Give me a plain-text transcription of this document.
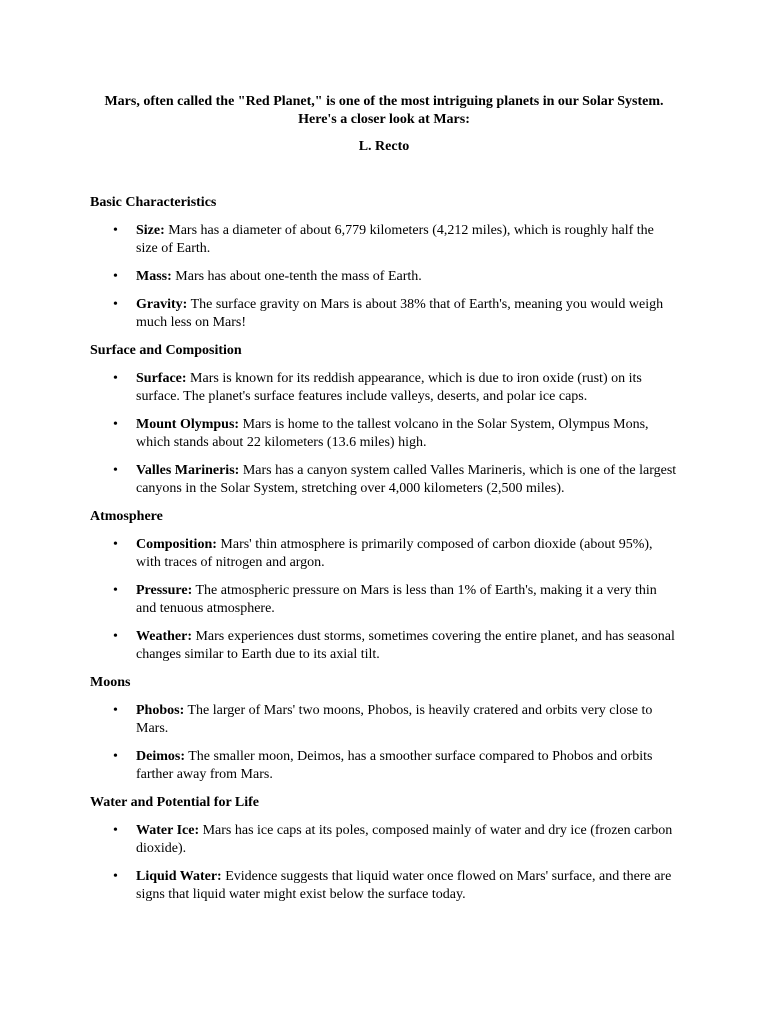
Mars, often called the "Red Planet," is one of the most intriguing planets in our Solar System. Here's a closer look at Mars:
L. Recto
Basic Characteristics
• Size: Mars has a diameter of about 6,779 kilometers (4,212 miles), which is roughly half the size of Earth.
• Mass: Mars has about one-tenth the mass of Earth.
• Gravity: The surface gravity on Mars is about 38% that of Earth's, meaning you would weigh much less on Mars!
Surface and Composition
• Surface: Mars is known for its reddish appearance, which is due to iron oxide (rust) on its surface. The planet's surface features include valleys, deserts, and polar ice caps.
• Mount Olympus: Mars is home to the tallest volcano in the Solar System, Olympus Mons, which stands about 22 kilometers (13.6 miles) high.
• Valles Marineris: Mars has a canyon system called Valles Marineris, which is one of the largest canyons in the Solar System, stretching over 4,000 kilometers (2,500 miles).
Atmosphere
• Composition: Mars' thin atmosphere is primarily composed of carbon dioxide (about 95%), with traces of nitrogen and argon.
• Pressure: The atmospheric pressure on Mars is less than 1% of Earth's, making it a very thin and tenuous atmosphere.
• Weather: Mars experiences dust storms, sometimes covering the entire planet, and has seasonal changes similar to Earth due to its axial tilt.
Moons
• Phobos: The larger of Mars' two moons, Phobos, is heavily cratered and orbits very close to Mars.
• Deimos: The smaller moon, Deimos, has a smoother surface compared to Phobos and orbits farther away from Mars.
Water and Potential for Life
• Water Ice: Mars has ice caps at its poles, composed mainly of water and dry ice (frozen carbon dioxide).
• Liquid Water: Evidence suggests that liquid water once flowed on Mars' surface, and there are signs that liquid water might exist below the surface today.
